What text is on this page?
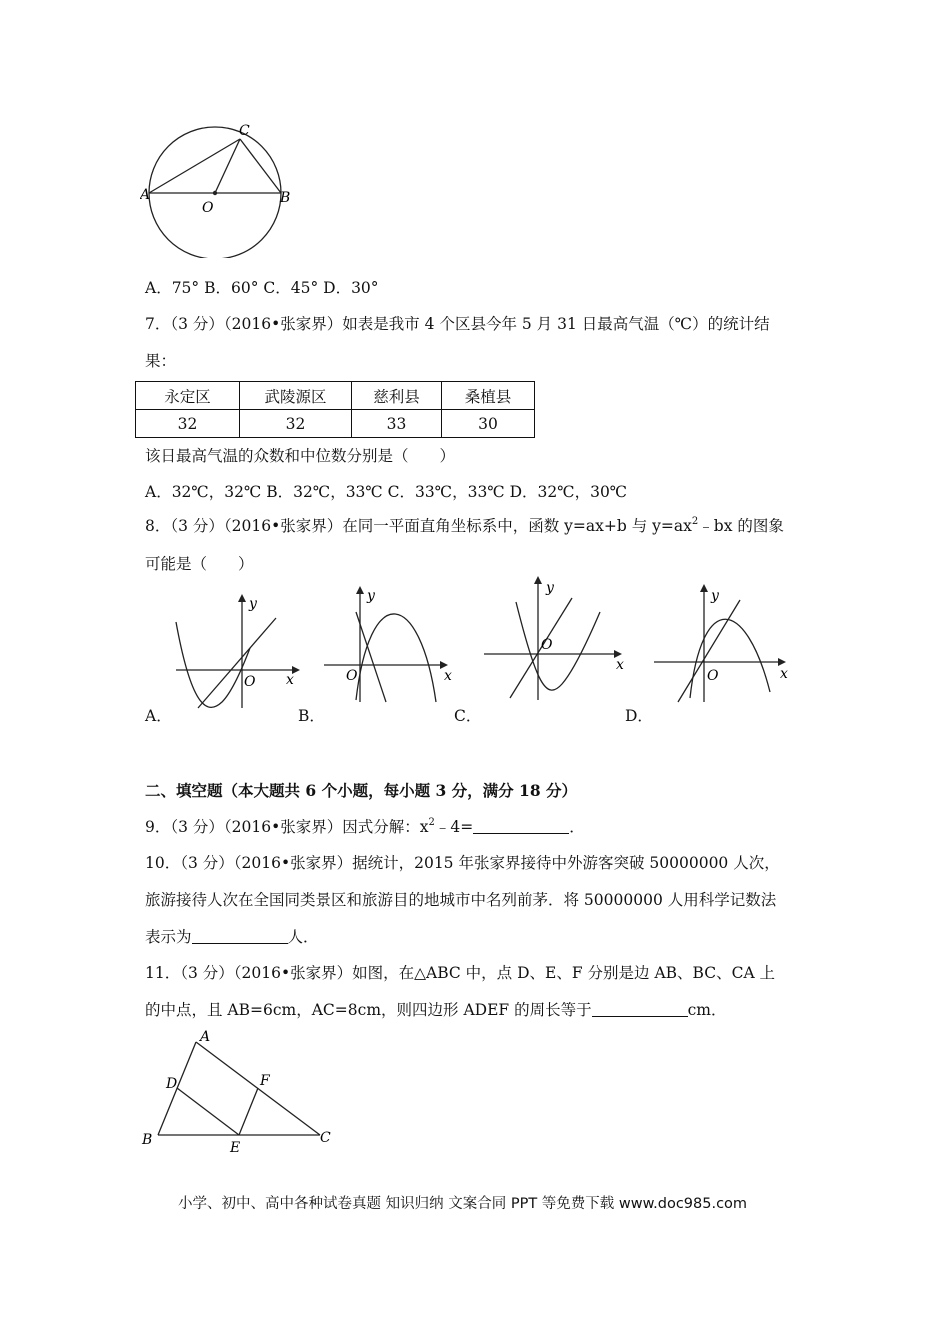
A	B
C
O
A．75° B．60° C．45° D．30°
7．（3 分）（2016•张家界）如表是我市 4 个区县今年 5 月 31 日最高气温（℃）的统计结
果：
永定区	武陵源区	慈利县	桑植县
32	32	33	30
该日最高气温的众数和中位数分别是（　　）
A．32℃，32℃ B．32℃，33℃ C．33℃，33℃ D．32℃，30℃
8．（3 分）（2016•张家界）在同一平面直角坐标系中，函数 y=ax+b 与 $y=ax^2﹣bx$ 的图象
可能是（　　）
y
x
O
y
x
O
y
x
O
y
x
O
A．	B．	C．	D．
二、填空题（本大题共 6 个小题，每小题 3 分，满分 18 分）
9．（3 分）（2016•张家界）因式分解：$x^2﹣4=$	．
10．（3 分）（2016•张家界）据统计，2015 年张家界接待中外游客突破 50000000 人次，
旅游接待人次在全国同类景区和旅游目的地城市中名列前茅．将 50000000 人用科学记数法
表示为	人．
11．（3 分）（2016•张家界）如图，在△ABC 中，点 D、E、F 分别是边 AB、BC、CA 上
的中点，且 AB=6cm，AC=8cm，则四边形 ADEF 的周长等于	cm．
A
B	C
D
E
F
小学、初中、高中各种试卷真题 知识归纳 文案合同 PPT 等免费下载 www.doc985.com
